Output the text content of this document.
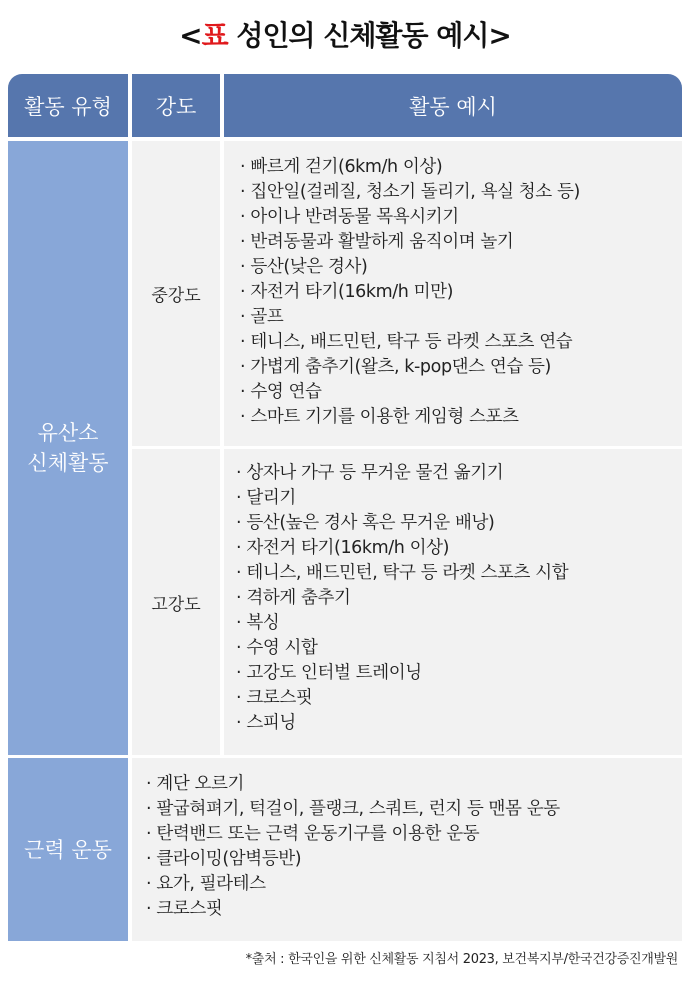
<표 성인의 신체활동 예시>
활동 유형	강도	활동 예시
유산소
신체활동
중강도
· 빠르게 걷기(6km/h 이상)
· 집안일(걸레질, 청소기 돌리기, 욕실 청소 등)
· 아이나 반려동물 목욕시키기
· 반려동물과 활발하게 움직이며 놀기
· 등산(낮은 경사)
· 자전거 타기(16km/h 미만)
· 골프
· 테니스, 배드민턴, 탁구 등 라켓 스포츠 연습
· 가볍게 춤추기(왈츠, k-pop댄스 연습 등)
· 수영 연습
· 스마트 기기를 이용한 게임형 스포츠
고강도
· 상자나 가구 등 무거운 물건 옮기기
· 달리기
· 등산(높은 경사 혹은 무거운 배낭)
· 자전거 타기(16km/h 이상)
· 테니스, 배드민턴, 탁구 등 라켓 스포츠 시합
· 격하게 춤추기
· 복싱
· 수영 시합
· 고강도 인터벌 트레이닝
· 크로스핏
· 스피닝
근력 운동
· 계단 오르기
· 팔굽혀펴기, 턱걸이, 플랭크, 스쿼트, 런지 등 맨몸 운동
· 탄력밴드 또는 근력 운동기구를 이용한 운동
· 클라이밍(암벽등반)
· 요가, 필라테스
· 크로스핏
*출처 : 한국인을 위한 신체활동 지침서 2023, 보건복지부/한국건강증진개발원
